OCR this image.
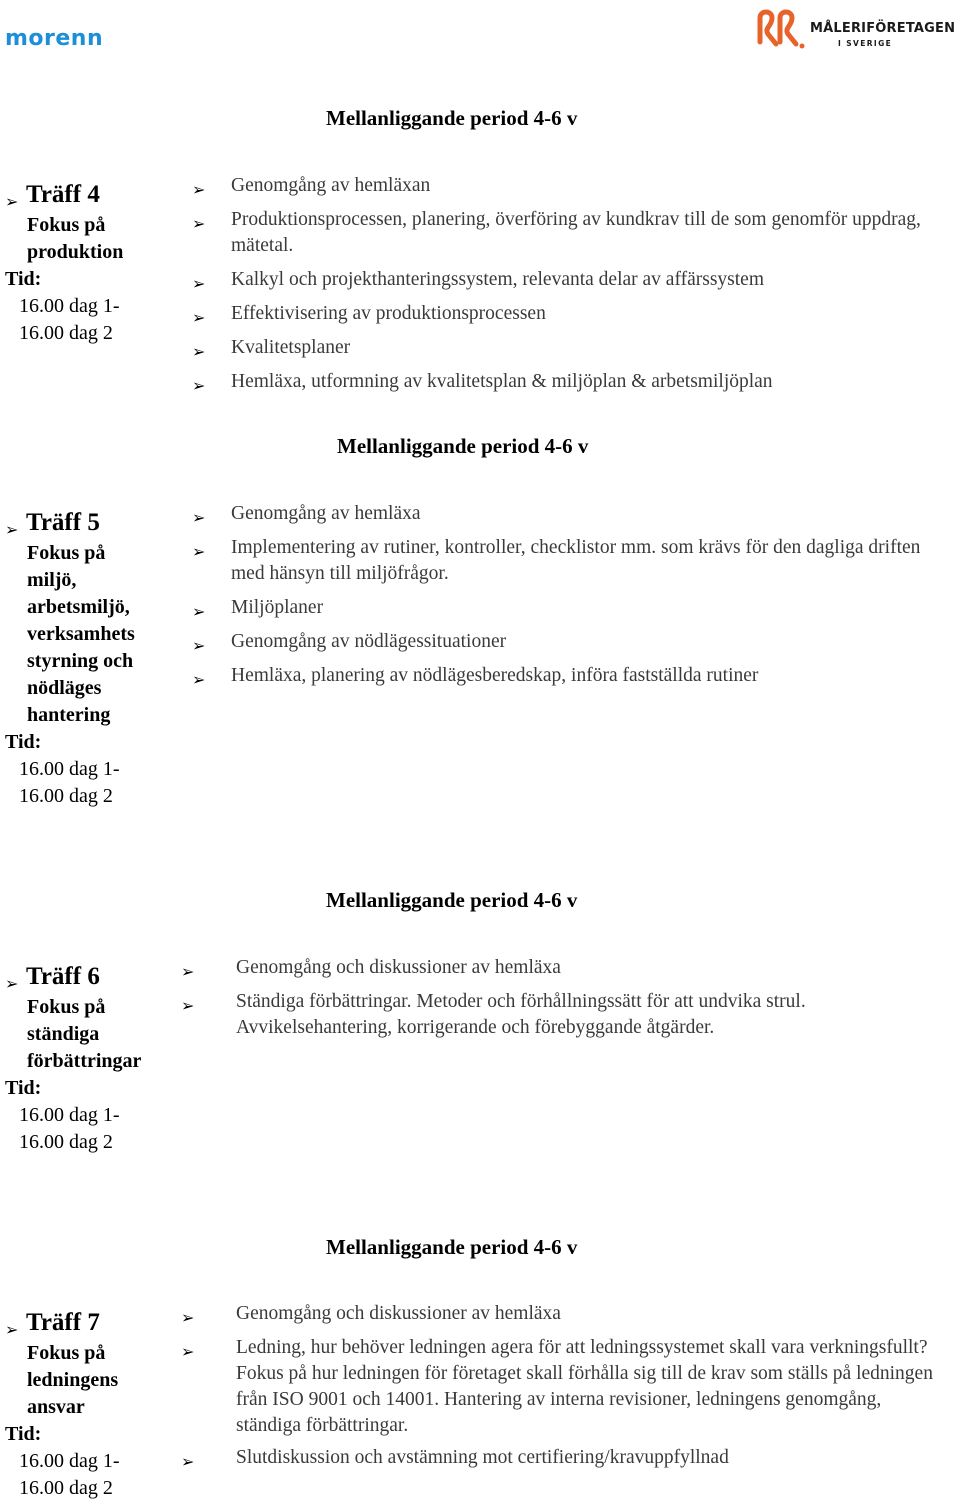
morenn	MÅLERIFÖRETAGEN
I SVERIGE
Mellanliggande period 4-6 v
➢ Träff 4
Fokus på
produktion
Tid:
16.00 dag 1-
16.00 dag 2
➢ Genomgång av hemläxan
➢ Produktionsprocessen, planering, överföring av kundkrav till de som genomför uppdrag, mätetal.
➢ Kalkyl och projekthanteringssystem, relevanta delar av affärssystem
➢ Effektivisering av produktionsprocessen
➢ Kvalitetsplaner
➢ Hemläxa, utformning av kvalitetsplan & miljöplan & arbetsmiljöplan
Mellanliggande period 4-6 v
➢ Träff 5
Fokus på
miljö,
arbetsmiljö,
verksamhets
styrning och
nödläges
hantering
Tid:
16.00 dag 1-
16.00 dag 2
➢ Genomgång av hemläxa
➢ Implementering av rutiner, kontroller, checklistor mm. som krävs för den dagliga driften med hänsyn till miljöfrågor.
➢ Miljöplaner
➢ Genomgång av nödlägessituationer
➢ Hemläxa, planering av nödlägesberedskap, införa fastställda rutiner
Mellanliggande period 4-6 v
➢ Träff 6
Fokus på
ständiga
förbättringar
Tid:
16.00 dag 1-
16.00 dag 2
➢ Genomgång och diskussioner av hemläxa
➢ Ständiga förbättringar. Metoder och förhållningssätt för att undvika strul. Avvikelsehantering, korrigerande och förebyggande åtgärder.
Mellanliggande period 4-6 v
➢ Träff 7
Fokus på
ledningens
ansvar
Tid:
16.00 dag 1-
16.00 dag 2
➢ Genomgång och diskussioner av hemläxa
➢ Ledning, hur behöver ledningen agera för att ledningssystemet skall vara verkningsfullt?
Fokus på hur ledningen för företaget skall förhålla sig till de krav som ställs på ledningen från ISO 9001 och 14001. Hantering av interna revisioner, ledningens genomgång, ständiga förbättringar.
➢ Slutdiskussion och avstämning mot certifiering/kravuppfyllnad
